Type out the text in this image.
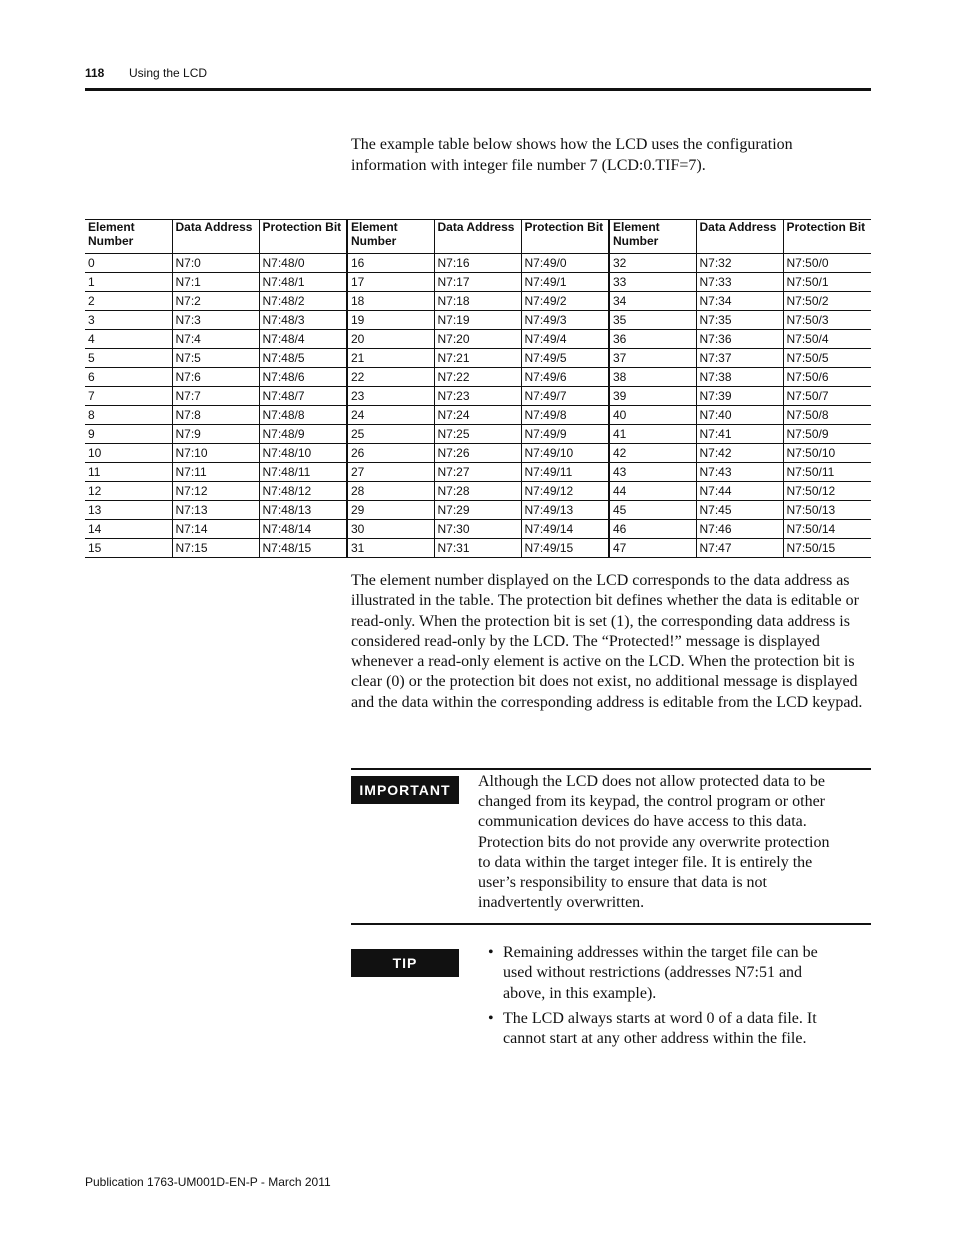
118 Using the LCD

The example table below shows how the LCD uses the configuration information with integer file number 7 (LCD:0.TIF=7).

Element Number	Data Address	Protection Bit	Element Number	Data Address	Protection Bit	Element Number	Data Address	Protection Bit
0	N7:0	N7:48/0	16	N7:16	N7:49/0	32	N7:32	N7:50/0
1	N7:1	N7:48/1	17	N7:17	N7:49/1	33	N7:33	N7:50/1
2	N7:2	N7:48/2	18	N7:18	N7:49/2	34	N7:34	N7:50/2
3	N7:3	N7:48/3	19	N7:19	N7:49/3	35	N7:35	N7:50/3
4	N7:4	N7:48/4	20	N7:20	N7:49/4	36	N7:36	N7:50/4
5	N7:5	N7:48/5	21	N7:21	N7:49/5	37	N7:37	N7:50/5
6	N7:6	N7:48/6	22	N7:22	N7:49/6	38	N7:38	N7:50/6
7	N7:7	N7:48/7	23	N7:23	N7:49/7	39	N7:39	N7:50/7
8	N7:8	N7:48/8	24	N7:24	N7:49/8	40	N7:40	N7:50/8
9	N7:9	N7:48/9	25	N7:25	N7:49/9	41	N7:41	N7:50/9
10	N7:10	N7:48/10	26	N7:26	N7:49/10	42	N7:42	N7:50/10
11	N7:11	N7:48/11	27	N7:27	N7:49/11	43	N7:43	N7:50/11
12	N7:12	N7:48/12	28	N7:28	N7:49/12	44	N7:44	N7:50/12
13	N7:13	N7:48/13	29	N7:29	N7:49/13	45	N7:45	N7:50/13
14	N7:14	N7:48/14	30	N7:30	N7:49/14	46	N7:46	N7:50/14
15	N7:15	N7:48/15	31	N7:31	N7:49/15	47	N7:47	N7:50/15

The element number displayed on the LCD corresponds to the data address as illustrated in the table. The protection bit defines whether the data is editable or read-only. When the protection bit is set (1), the corresponding data address is considered read-only by the LCD. The “Protected!” message is displayed whenever a read-only element is active on the LCD. When the protection bit is clear (0) or the protection bit does not exist, no additional message is displayed and the data within the corresponding address is editable from the LCD keypad.

IMPORTANT	Although the LCD does not allow protected data to be changed from its keypad, the control program or other communication devices do have access to this data. Protection bits do not provide any overwrite protection to data within the target integer file. It is entirely the user’s responsibility to ensure that data is not inadvertently overwritten.
TIP
• Remaining addresses within the target file can be used without restrictions (addresses N7:51 and above, in this example).
• The LCD always starts at word 0 of a data file. It cannot start at any other address within the file.
Publication 1763-UM001D-EN-P - March 2011
